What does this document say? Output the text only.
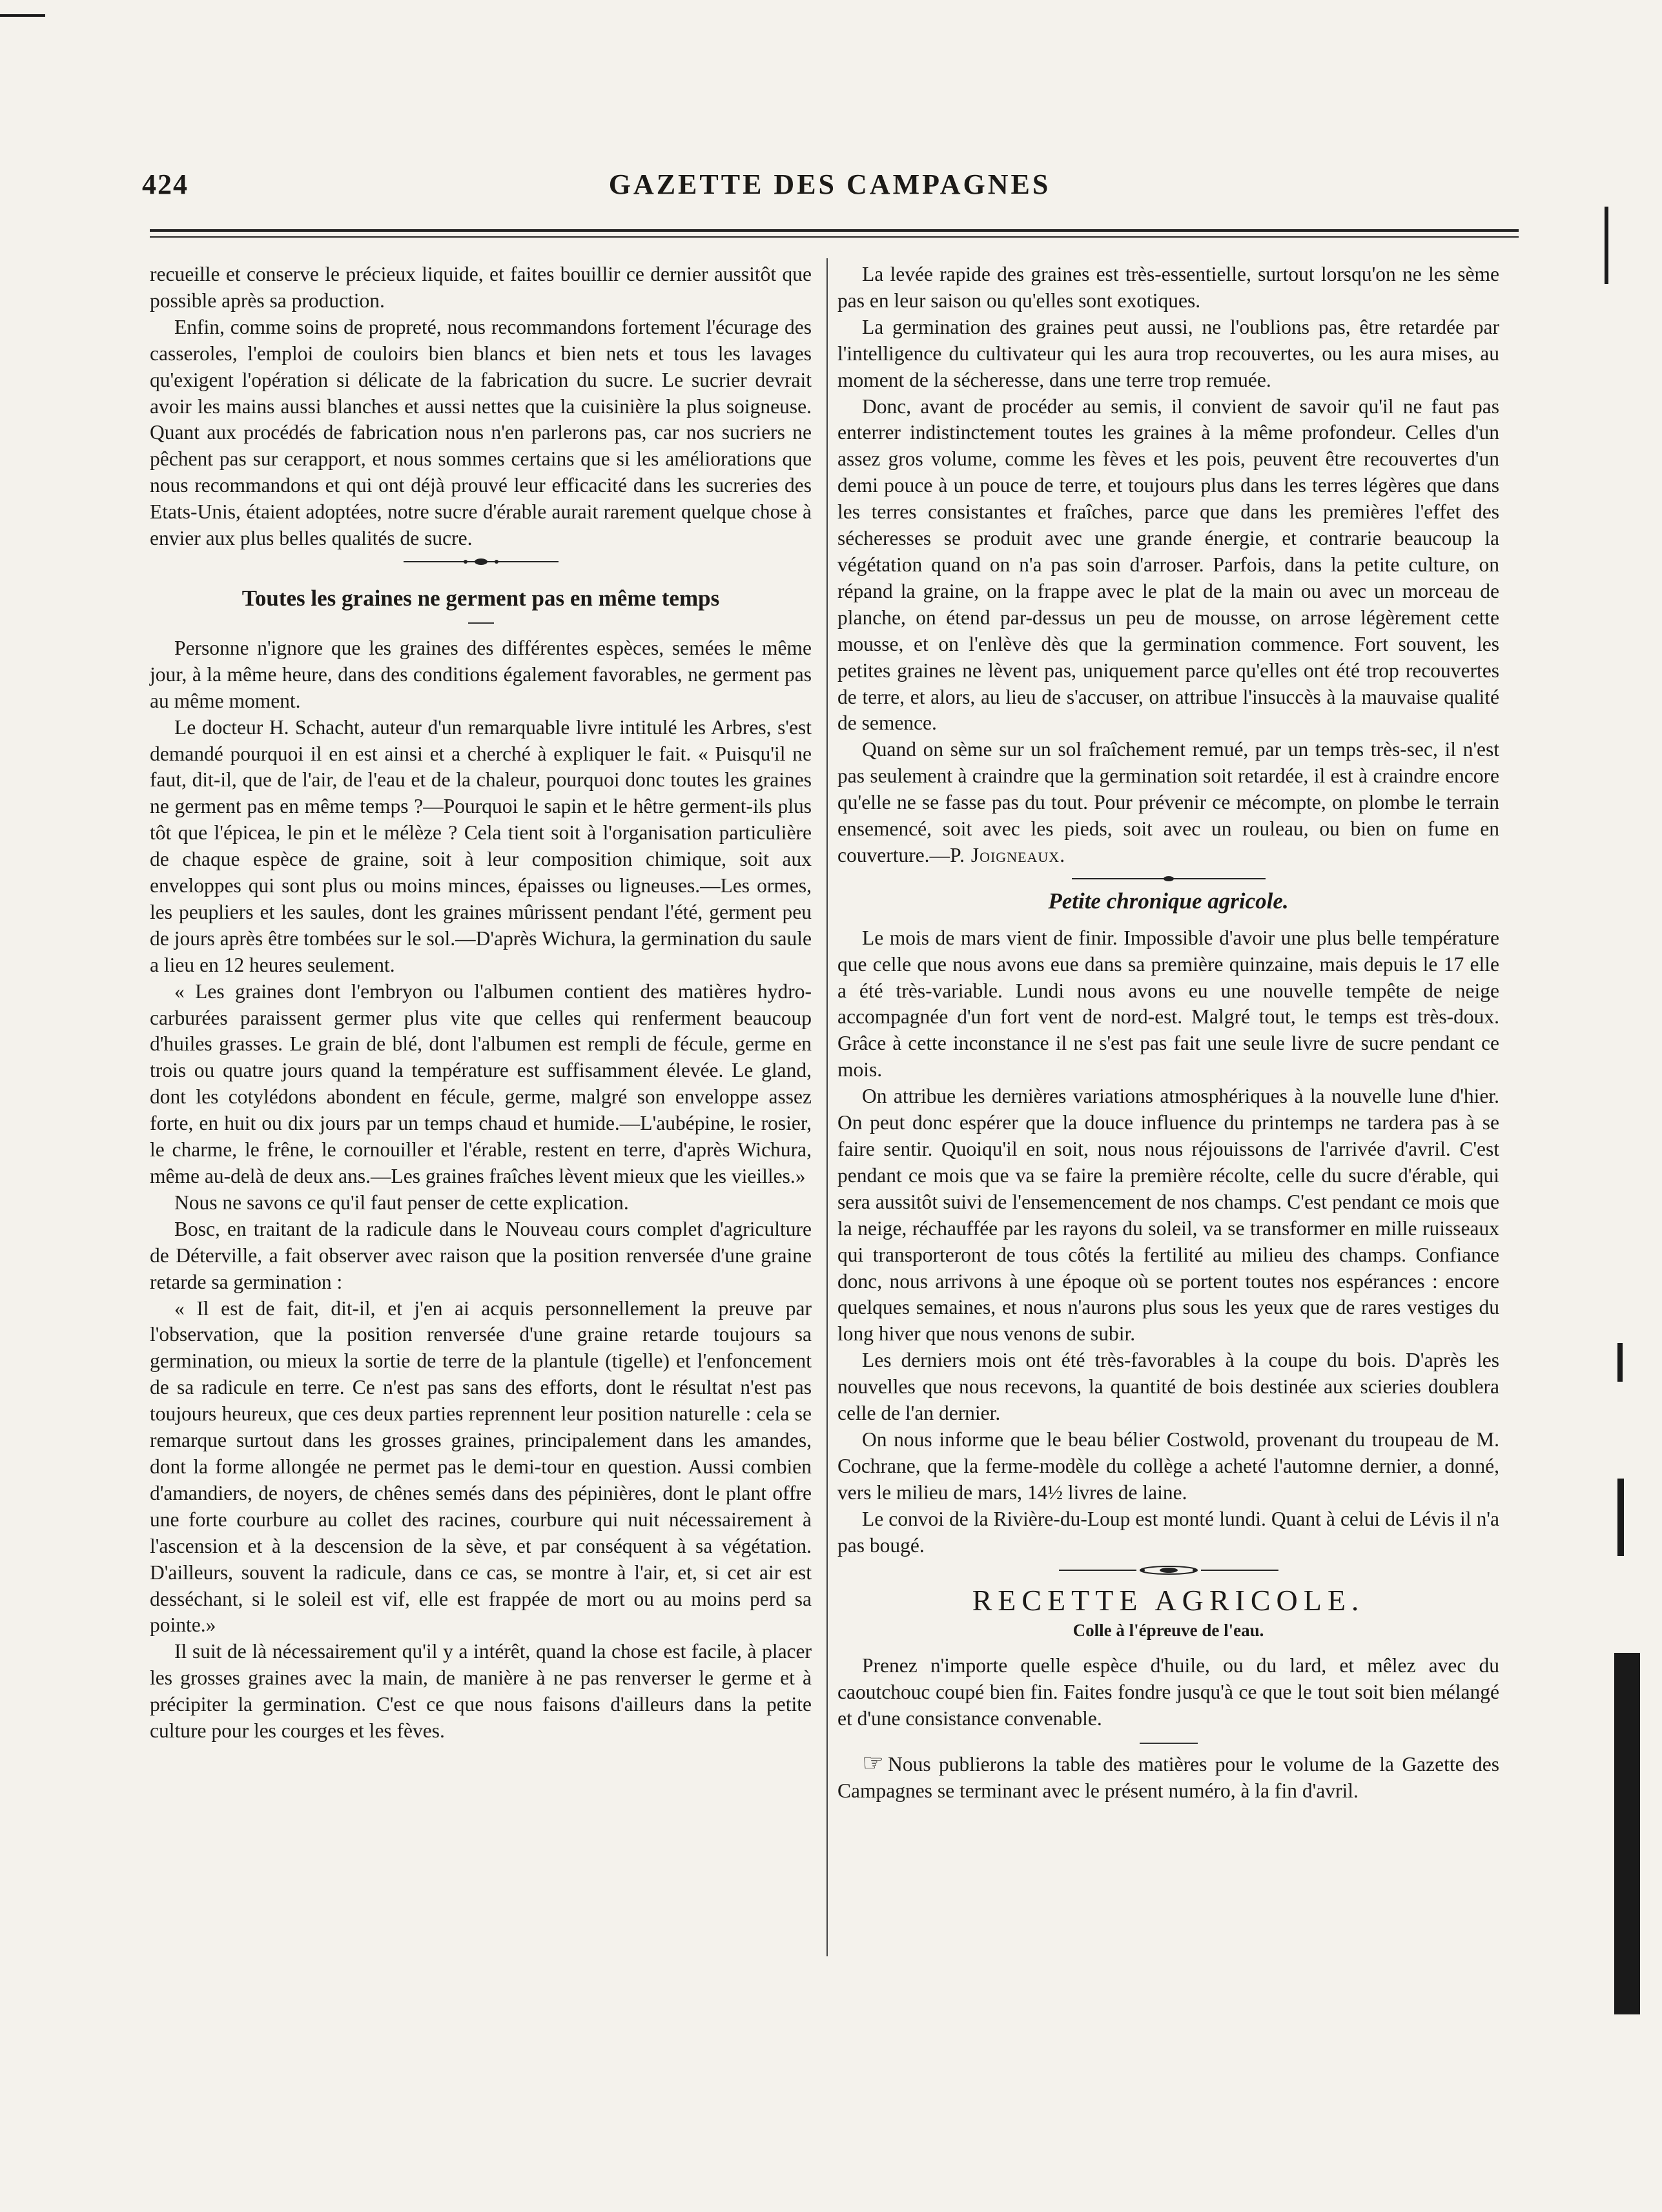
424	GAZETTE DES CAMPAGNES

recueille et conserve le précieux liquide, et faites bouillir ce dernier aussitôt que possible après sa production.

Enfin, comme soins de propreté, nous recommandons fortement l'écurage des casseroles, l'emploi de couloirs bien blancs et bien nets et tous les lavages qu'exigent l'opération si délicate de la fabrication du sucre. Le sucrier devrait avoir les mains aussi blanches et aussi nettes que la cuisinière la plus soigneuse. Quant aux procédés de fabrication nous n'en parlerons pas, car nos sucriers ne pêchent pas sur cerapport, et nous sommes certains que si les améliorations que nous recommandons et qui ont déjà prouvé leur efficacité dans les sucreries des Etats-Unis, étaient adoptées, notre sucre d'érable aurait rarement quelque chose à envier aux plus belles qualités de sucre.

Toutes les graines ne germent pas en même temps

Personne n'ignore que les graines des différentes espèces, semées le même jour, à la même heure, dans des conditions également favorables, ne germent pas au même moment.

Le docteur H. Schacht, auteur d'un remarquable livre intitulé les Arbres, s'est demandé pourquoi il en est ainsi et a cherché à expliquer le fait. « Puisqu'il ne faut, dit-il, que de l'air, de l'eau et de la chaleur, pourquoi donc toutes les graines ne germent pas en même temps ?—Pourquoi le sapin et le hêtre germent-ils plus tôt que l'épicea, le pin et le mélèze ? Cela tient soit à l'organisation particulière de chaque espèce de graine, soit à leur composition chimique, soit aux enveloppes qui sont plus ou moins minces, épaisses ou ligneuses.—Les ormes, les peupliers et les saules, dont les graines mûrissent pendant l'été, germent peu de jours après être tombées sur le sol.—D'après Wichura, la germination du saule a lieu en 12 heures seulement.

« Les graines dont l'embryon ou l'albumen contient des matières hydro-carburées paraissent germer plus vite que celles qui renferment beaucoup d'huiles grasses. Le grain de blé, dont l'albumen est rempli de fécule, germe en trois ou quatre jours quand la température est suffisamment élevée. Le gland, dont les cotylédons abondent en fécule, germe, malgré son enveloppe assez forte, en huit ou dix jours par un temps chaud et humide.—L'aubépine, le rosier, le charme, le frêne, le cornouiller et l'érable, restent en terre, d'après Wichura, même au-delà de deux ans.—Les graines fraîches lèvent mieux que les vieilles.»

Nous ne savons ce qu'il faut penser de cette explication.

Bosc, en traitant de la radicule dans le Nouveau cours complet d'agriculture de Déterville, a fait observer avec raison que la position renversée d'une graine retarde sa germination :

« Il est de fait, dit-il, et j'en ai acquis personnellement la preuve par l'observation, que la position renversée d'une graine retarde toujours sa germination, ou mieux la sortie de terre de la plantule (tigelle) et l'enfoncement de sa radicule en terre. Ce n'est pas sans des efforts, dont le résultat n'est pas toujours heureux, que ces deux parties reprennent leur position naturelle : cela se remarque surtout dans les grosses graines, principalement dans les amandes, dont la forme allongée ne permet pas le demi-tour en question. Aussi combien d'amandiers, de noyers, de chênes semés dans des pépinières, dont le plant offre une forte courbure au collet des racines, courbure qui nuit nécessairement à l'ascension et à la descension de la sève, et par conséquent à sa végétation. D'ailleurs, souvent la radicule, dans ce cas, se montre à l'air, et, si cet air est desséchant, si le soleil est vif, elle est frappée de mort ou au moins perd sa pointe.»

Il suit de là nécessairement qu'il y a intérêt, quand la chose est facile, à placer les grosses graines avec la main, de manière à ne pas renverser le germe et à précipiter la germination. C'est ce que nous faisons d'ailleurs dans la petite culture pour les courges et les fèves.

La levée rapide des graines est très-essentielle, surtout lorsqu'on ne les sème pas en leur saison ou qu'elles sont exotiques.

La germination des graines peut aussi, ne l'oublions pas, être retardée par l'intelligence du cultivateur qui les aura trop recouvertes, ou les aura mises, au moment de la sécheresse, dans une terre trop remuée.

Donc, avant de procéder au semis, il convient de savoir qu'il ne faut pas enterrer indistinctement toutes les graines à la même profondeur. Celles d'un assez gros volume, comme les fèves et les pois, peuvent être recouvertes d'un demi pouce à un pouce de terre, et toujours plus dans les terres légères que dans les terres consistantes et fraîches, parce que dans les premières l'effet des sécheresses se produit avec une grande énergie, et contrarie beaucoup la végétation quand on n'a pas soin d'arroser. Parfois, dans la petite culture, on répand la graine, on la frappe avec le plat de la main ou avec un morceau de planche, on étend par-dessus un peu de mousse, on arrose légèrement cette mousse, et on l'enlève dès que la germination commence. Fort souvent, les petites graines ne lèvent pas, uniquement parce qu'elles ont été trop recouvertes de terre, et alors, au lieu de s'accuser, on attribue l'insuccès à la mauvaise qualité de semence.

Quand on sème sur un sol fraîchement remué, par un temps très-sec, il n'est pas seulement à craindre que la germination soit retardée, il est à craindre encore qu'elle ne se fasse pas du tout. Pour prévenir ce mécompte, on plombe le terrain ensemencé, soit avec les pieds, soit avec un rouleau, ou bien on fume en couverture.—P. Joigneaux.

Petite chronique agricole.

Le mois de mars vient de finir. Impossible d'avoir une plus belle température que celle que nous avons eue dans sa première quinzaine, mais depuis le 17 elle a été très-variable. Lundi nous avons eu une nouvelle tempête de neige accompagnée d'un fort vent de nord-est. Malgré tout, le temps est très-doux. Grâce à cette inconstance il ne s'est pas fait une seule livre de sucre pendant ce mois.

On attribue les dernières variations atmosphériques à la nouvelle lune d'hier. On peut donc espérer que la douce influence du printemps ne tardera pas à se faire sentir. Quoiqu'il en soit, nous nous réjouissons de l'arrivée d'avril. C'est pendant ce mois que va se faire la première récolte, celle du sucre d'érable, qui sera aussitôt suivi de l'ensemencement de nos champs. C'est pendant ce mois que la neige, réchauffée par les rayons du soleil, va se transformer en mille ruisseaux qui transporteront de tous côtés la fertilité au milieu des champs. Confiance donc, nous arrivons à une époque où se portent toutes nos espérances : encore quelques semaines, et nous n'aurons plus sous les yeux que de rares vestiges du long hiver que nous venons de subir.

Les derniers mois ont été très-favorables à la coupe du bois. D'après les nouvelles que nous recevons, la quantité de bois destinée aux scieries doublera celle de l'an dernier.

On nous informe que le beau bélier Costwold, provenant du troupeau de M. Cochrane, que la ferme-modèle du collège a acheté l'automne dernier, a donné, vers le milieu de mars, 14½ livres de laine.

Le convoi de la Rivière-du-Loup est monté lundi. Quant à celui de Lévis il n'a pas bougé.

RECETTE AGRICOLE.
Colle à l'épreuve de l'eau.

Prenez n'importe quelle espèce d'huile, ou du lard, et mêlez avec du caoutchouc coupé bien fin. Faites fondre jusqu'à ce que le tout soit bien mélangé et d'une consistance convenable.

☞ Nous publierons la table des matières pour le volume de la Gazette des Campagnes se terminant avec le présent numéro, à la fin d'avril.
